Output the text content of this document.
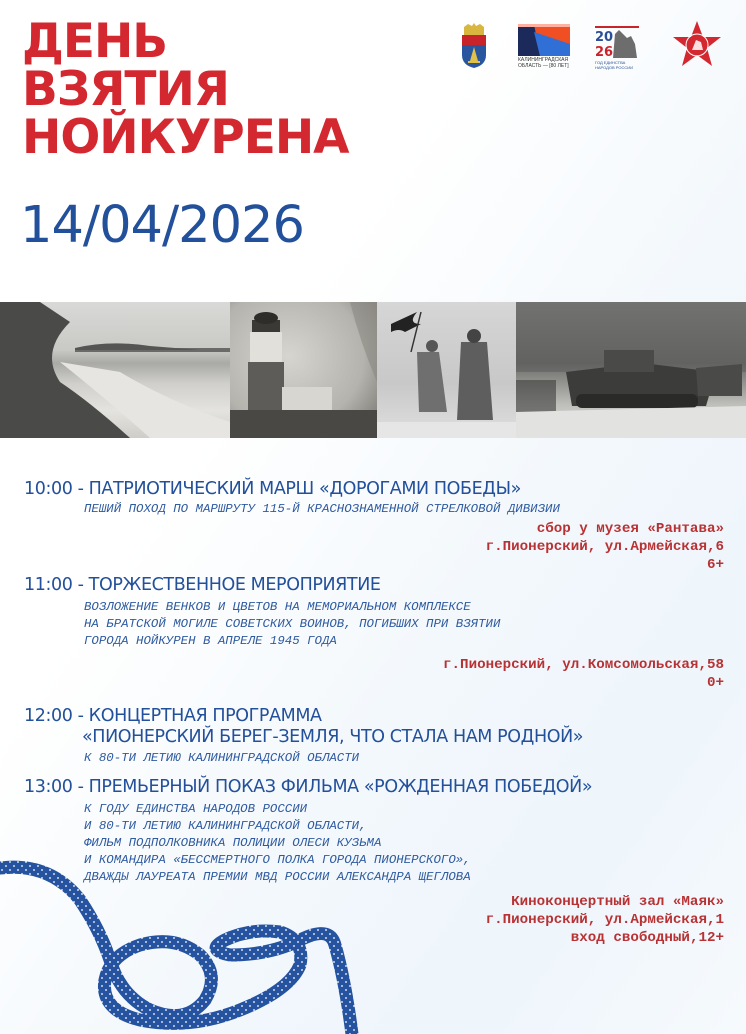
ДЕНЬ
ВЗЯТИЯ
НОЙКУРЕНА
14/04/2026
КАЛИНИНГРАДСКАЯ ОБЛАСТЬ — [80 ЛЕТ]
20
26
ГОД ЕДИНСТВА НАРОДОВ РОССИИ
10:00 - ПАТРИОТИЧЕСКИЙ МАРШ «ДОРОГАМИ ПОБЕДЫ»
ПЕШИЙ ПОХОД ПО МАРШРУТУ 115-Й КРАСНОЗНАМЕННОЙ СТРЕЛКОВОЙ ДИВИЗИИ
сбор у музея «Рантава»
г.Пионерский, ул.Армейская,6
6+
11:00 - ТОРЖЕСТВЕННОЕ МЕРОПРИЯТИЕ
ВОЗЛОЖЕНИЕ ВЕНКОВ И ЦВЕТОВ НА МЕМОРИАЛЬНОМ КОМПЛЕКСЕ
НА БРАТСКОЙ МОГИЛЕ СОВЕТСКИХ ВОИНОВ, ПОГИБШИХ ПРИ ВЗЯТИИ
ГОРОДА НОЙКУРЕН В АПРЕЛЕ 1945 ГОДА
г.Пионерский, ул.Комсомольская,58
0+
12:00 - КОНЦЕРТНАЯ ПРОГРАММА
«ПИОНЕРСКИЙ БЕРЕГ-ЗЕМЛЯ, ЧТО СТАЛА НАМ РОДНОЙ»
К 80-ТИ ЛЕТИЮ КАЛИНИНГРАДСКОЙ ОБЛАСТИ
13:00 - ПРЕМЬЕРНЫЙ ПОКАЗ ФИЛЬМА «РОЖДЕННАЯ ПОБЕДОЙ»
К ГОДУ ЕДИНСТВА НАРОДОВ РОССИИ
И 80-ТИ ЛЕТИЮ КАЛИНИНГРАДСКОЙ ОБЛАСТИ,
ФИЛЬМ ПОДПОЛКОВНИКА ПОЛИЦИИ ОЛЕСИ КУЗЬМА
И КОМАНДИРА «БЕССМЕРТНОГО ПОЛКА ГОРОДА ПИОНЕРСКОГО»,
ДВАЖДЫ ЛАУРЕАТА ПРЕМИИ МВД РОССИИ АЛЕКСАНДРА ЩЕГЛОВА
Киноконцертный зал «Маяк»
г.Пионерский, ул.Армейская,1
вход свободный,12+
